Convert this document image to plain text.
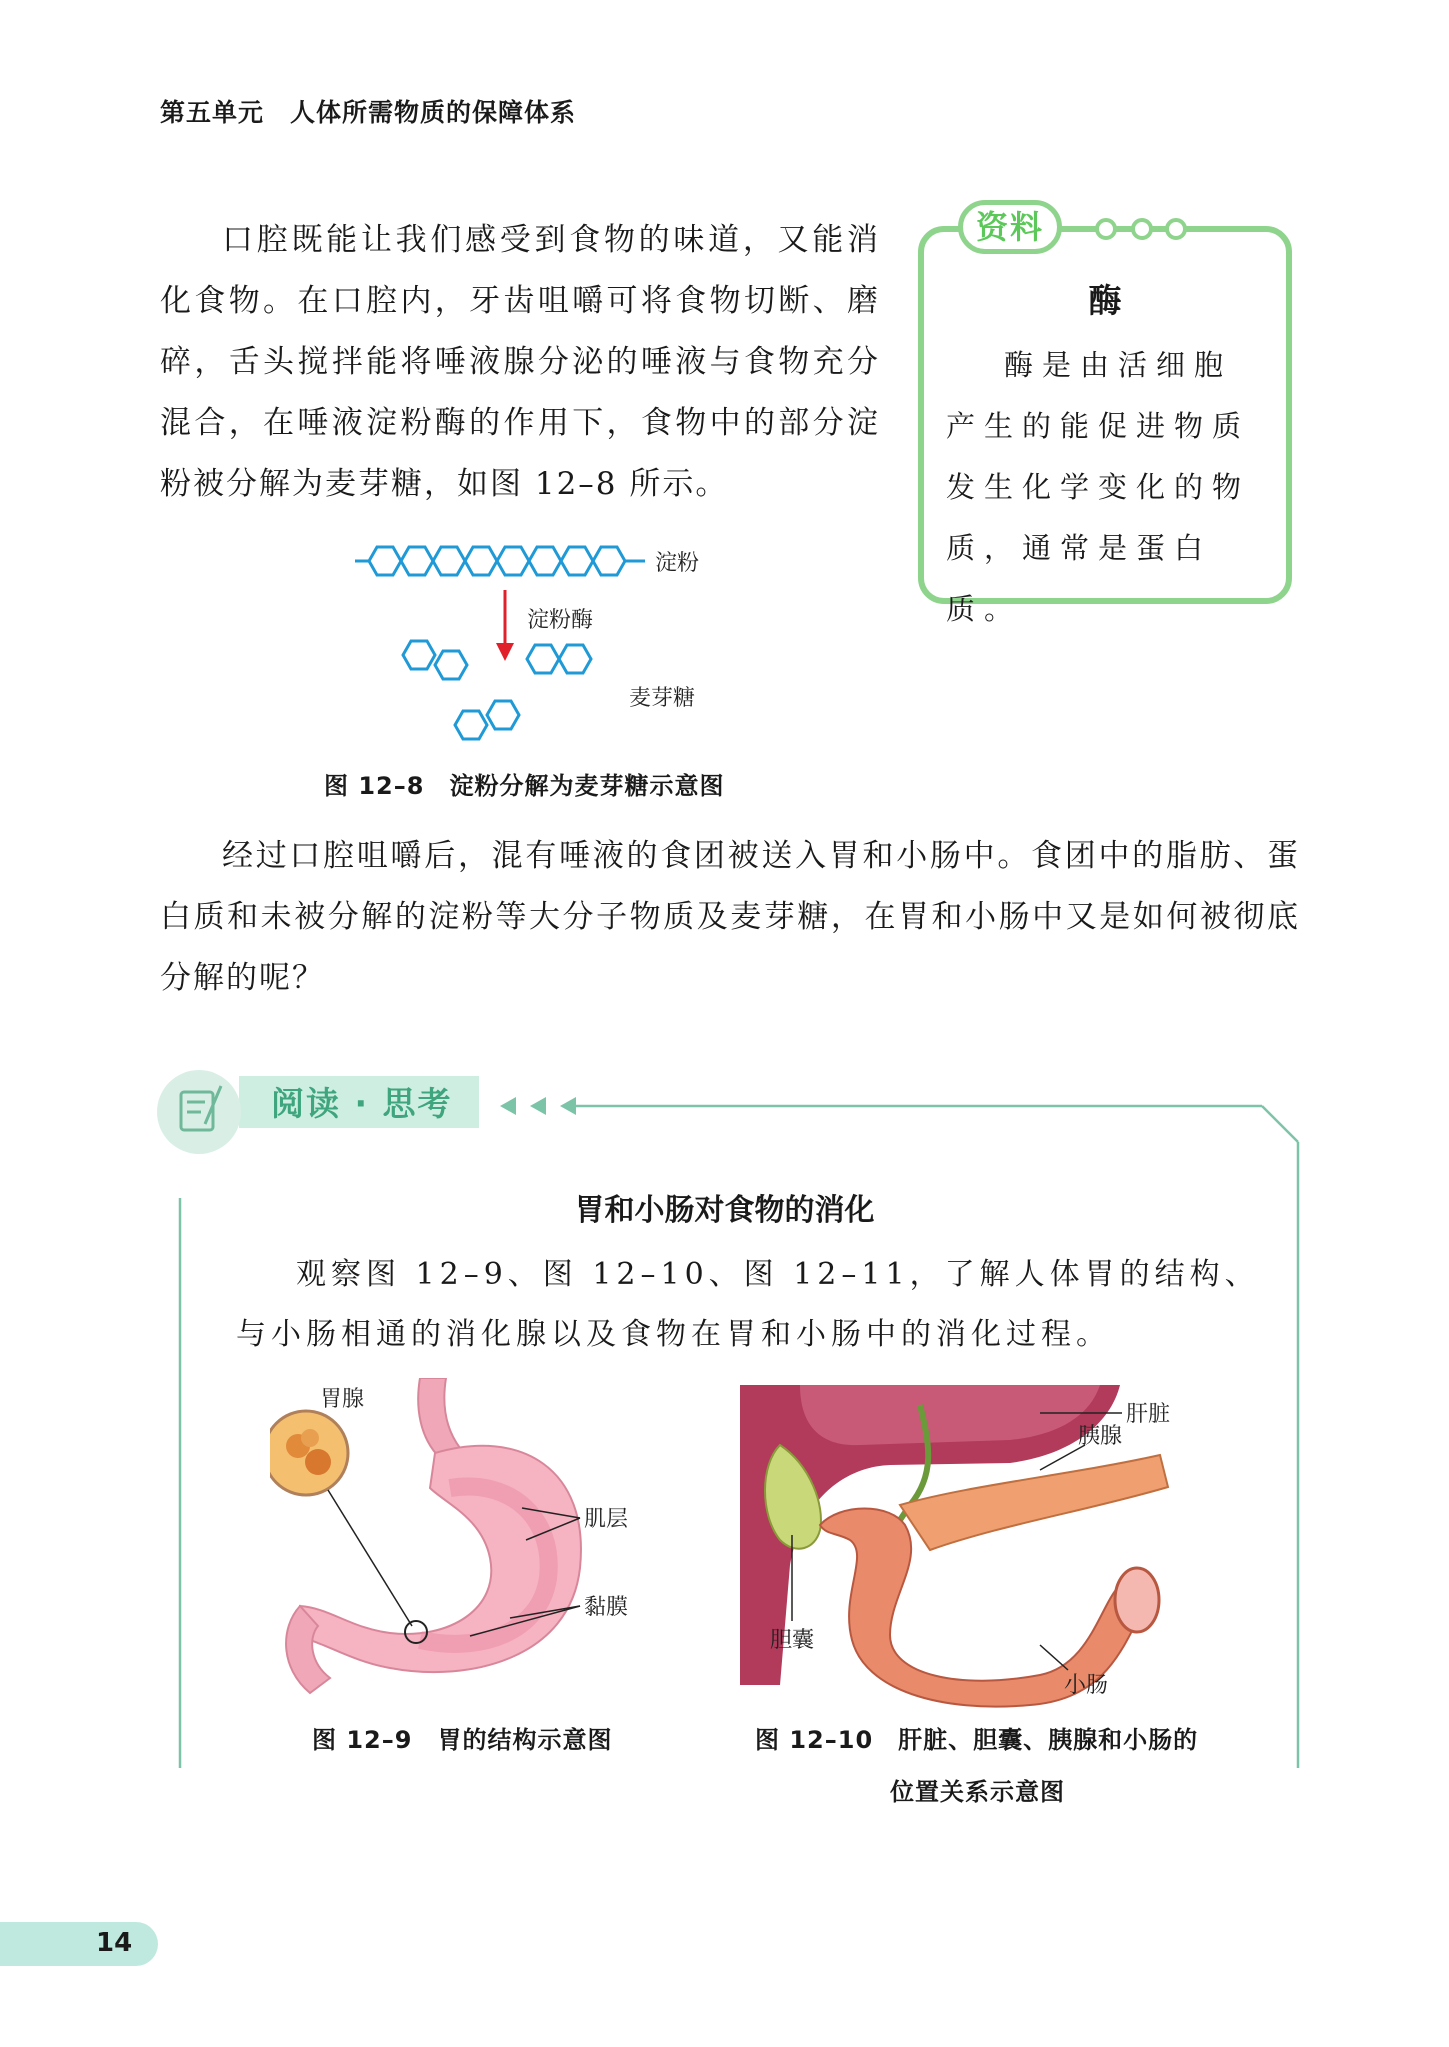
第五单元　人体所需物质的保障体系
口腔既能让我们感受到食物的味道，又能消化食物。在口腔内，牙齿咀嚼可将食物切断、磨碎，舌头搅拌能将唾液腺分泌的唾液与食物充分混合，在唾液淀粉酶的作用下，食物中的部分淀粉被分解为麦芽糖，如图 12–8 所示。
资料
酶
酶是由活细胞产生的能促进物质发生化学变化的物质，通常是蛋白质。
淀粉
淀粉酶
麦芽糖
图 12–8　淀粉分解为麦芽糖示意图
经过口腔咀嚼后，混有唾液的食团被送入胃和小肠中。食团中的脂肪、蛋白质和未被分解的淀粉等大分子物质及麦芽糖，在胃和小肠中又是如何被彻底分解的呢？
阅读 · 思考
胃和小肠对食物的消化
观察图 12–9、图 12–10、图 12–11，了解人体胃的结构、与小肠相通的消化腺以及食物在胃和小肠中的消化过程。
胃腺
肌层
黏膜
图 12–9　胃的结构示意图
肝脏
胰腺
胆囊
小肠
图 12–10　肝脏、胆囊、胰腺和小肠的
位置关系示意图
14
